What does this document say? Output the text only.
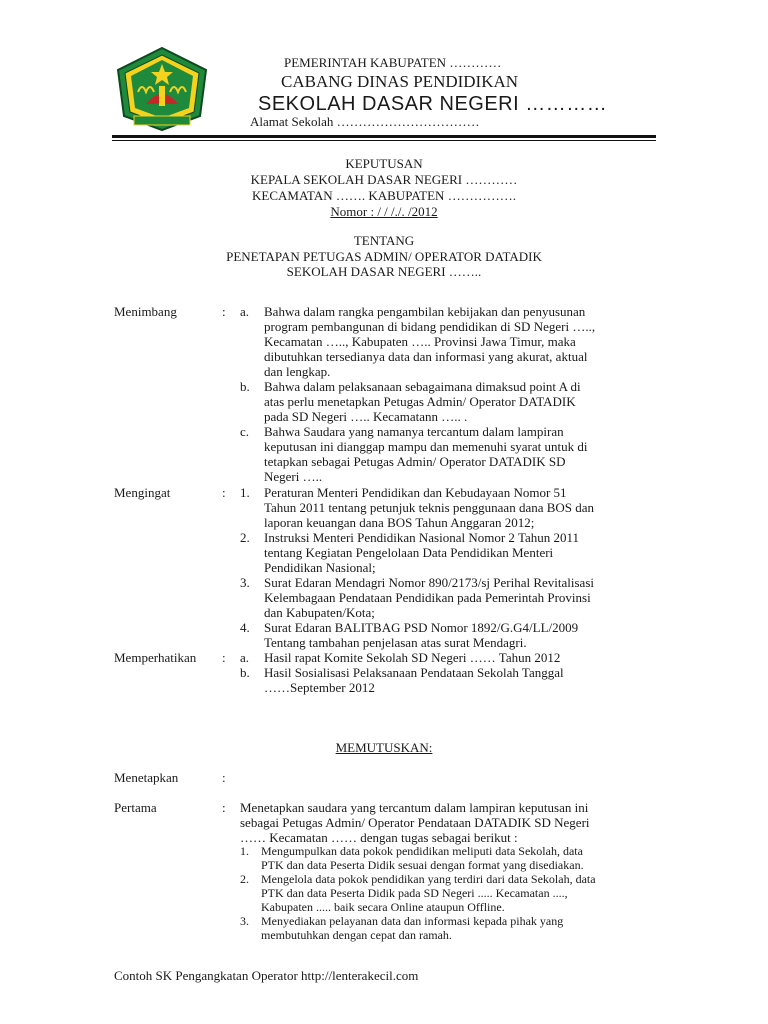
PEMERINTAH KABUPATEN …………
CABANG DINAS PENDIDIKAN
SEKOLAH DASAR NEGERI …………
Alamat Sekolah ……………………………
KEPUTUSAN
KEPALA SEKOLAH DASAR NEGERI …………
KECAMATAN ……. KABUPATEN …………….
Nomor : / / /./. /2012
TENTANG
PENETAPAN PETUGAS ADMIN/ OPERATOR DATADIK
SEKOLAH DASAR NEGERI ……..
Menimbang	: a. Bahwa dalam rangka pengambilan kebijakan dan penyusunan
program pembangunan di bidang pendidikan di SD Negeri …..,
Kecamatan ….., Kabupaten ….. Provinsi Jawa Timur, maka
dibutuhkan tersedianya data dan informasi yang akurat, aktual
dan lengkap.
b. Bahwa dalam pelaksanaan sebagaimana dimaksud point A di
atas perlu menetapkan Petugas Admin/ Operator DATADIK
pada SD Negeri ….. Kecamatann ….. .
c. Bahwa Saudara yang namanya tercantum dalam lampiran
keputusan ini dianggap mampu dan memenuhi syarat untuk di
tetapkan sebagai Petugas Admin/ Operator DATADIK SD
Negeri …..
Mengingat	: 1. Peraturan Menteri Pendidikan dan Kebudayaan Nomor 51
Tahun 2011 tentang petunjuk teknis penggunaan dana BOS dan
laporan keuangan dana BOS Tahun Anggaran 2012;
2. Instruksi Menteri Pendidikan Nasional Nomor 2 Tahun 2011
tentang Kegiatan Pengelolaan Data Pendidikan Menteri
Pendidikan Nasional;
3. Surat Edaran Mendagri Nomor 890/2173/sj Perihal Revitalisasi
Kelembagaan Pendataan Pendidikan pada Pemerintah Provinsi
dan Kabupaten/Kota;
4. Surat Edaran BALITBAG PSD Nomor 1892/G.G4/LL/2009
Tentang tambahan penjelasan atas surat Mendagri.
Memperhatikan : a. Hasil rapat Komite Sekolah SD Negeri …… Tahun 2012
b. Hasil Sosialisasi Pelaksanaan Pendataan Sekolah Tanggal
……September 2012
MEMUTUSKAN:
Menetapkan	:
Pertama	: Menetapkan saudara yang tercantum dalam lampiran keputusan ini
sebagai Petugas Admin/ Operator Pendataan DATADIK SD Negeri
…… Kecamatan …… dengan tugas sebagai berikut :
1. Mengumpulkan data pokok pendidikan meliputi data Sekolah, data
PTK dan data Peserta Didik sesuai dengan format yang disediakan.
2. Mengelola data pokok pendidikan yang terdiri dari data Sekolah, data
PTK dan data Peserta Didik pada SD Negeri ..... Kecamatan ....,
Kabupaten ..... baik secara Online ataupun Offline.
3. Menyediakan pelayanan data dan informasi kepada pihak yang
membutuhkan dengan cepat dan ramah.
Contoh SK Pengangkatan Operator http://lenterakecil.com
